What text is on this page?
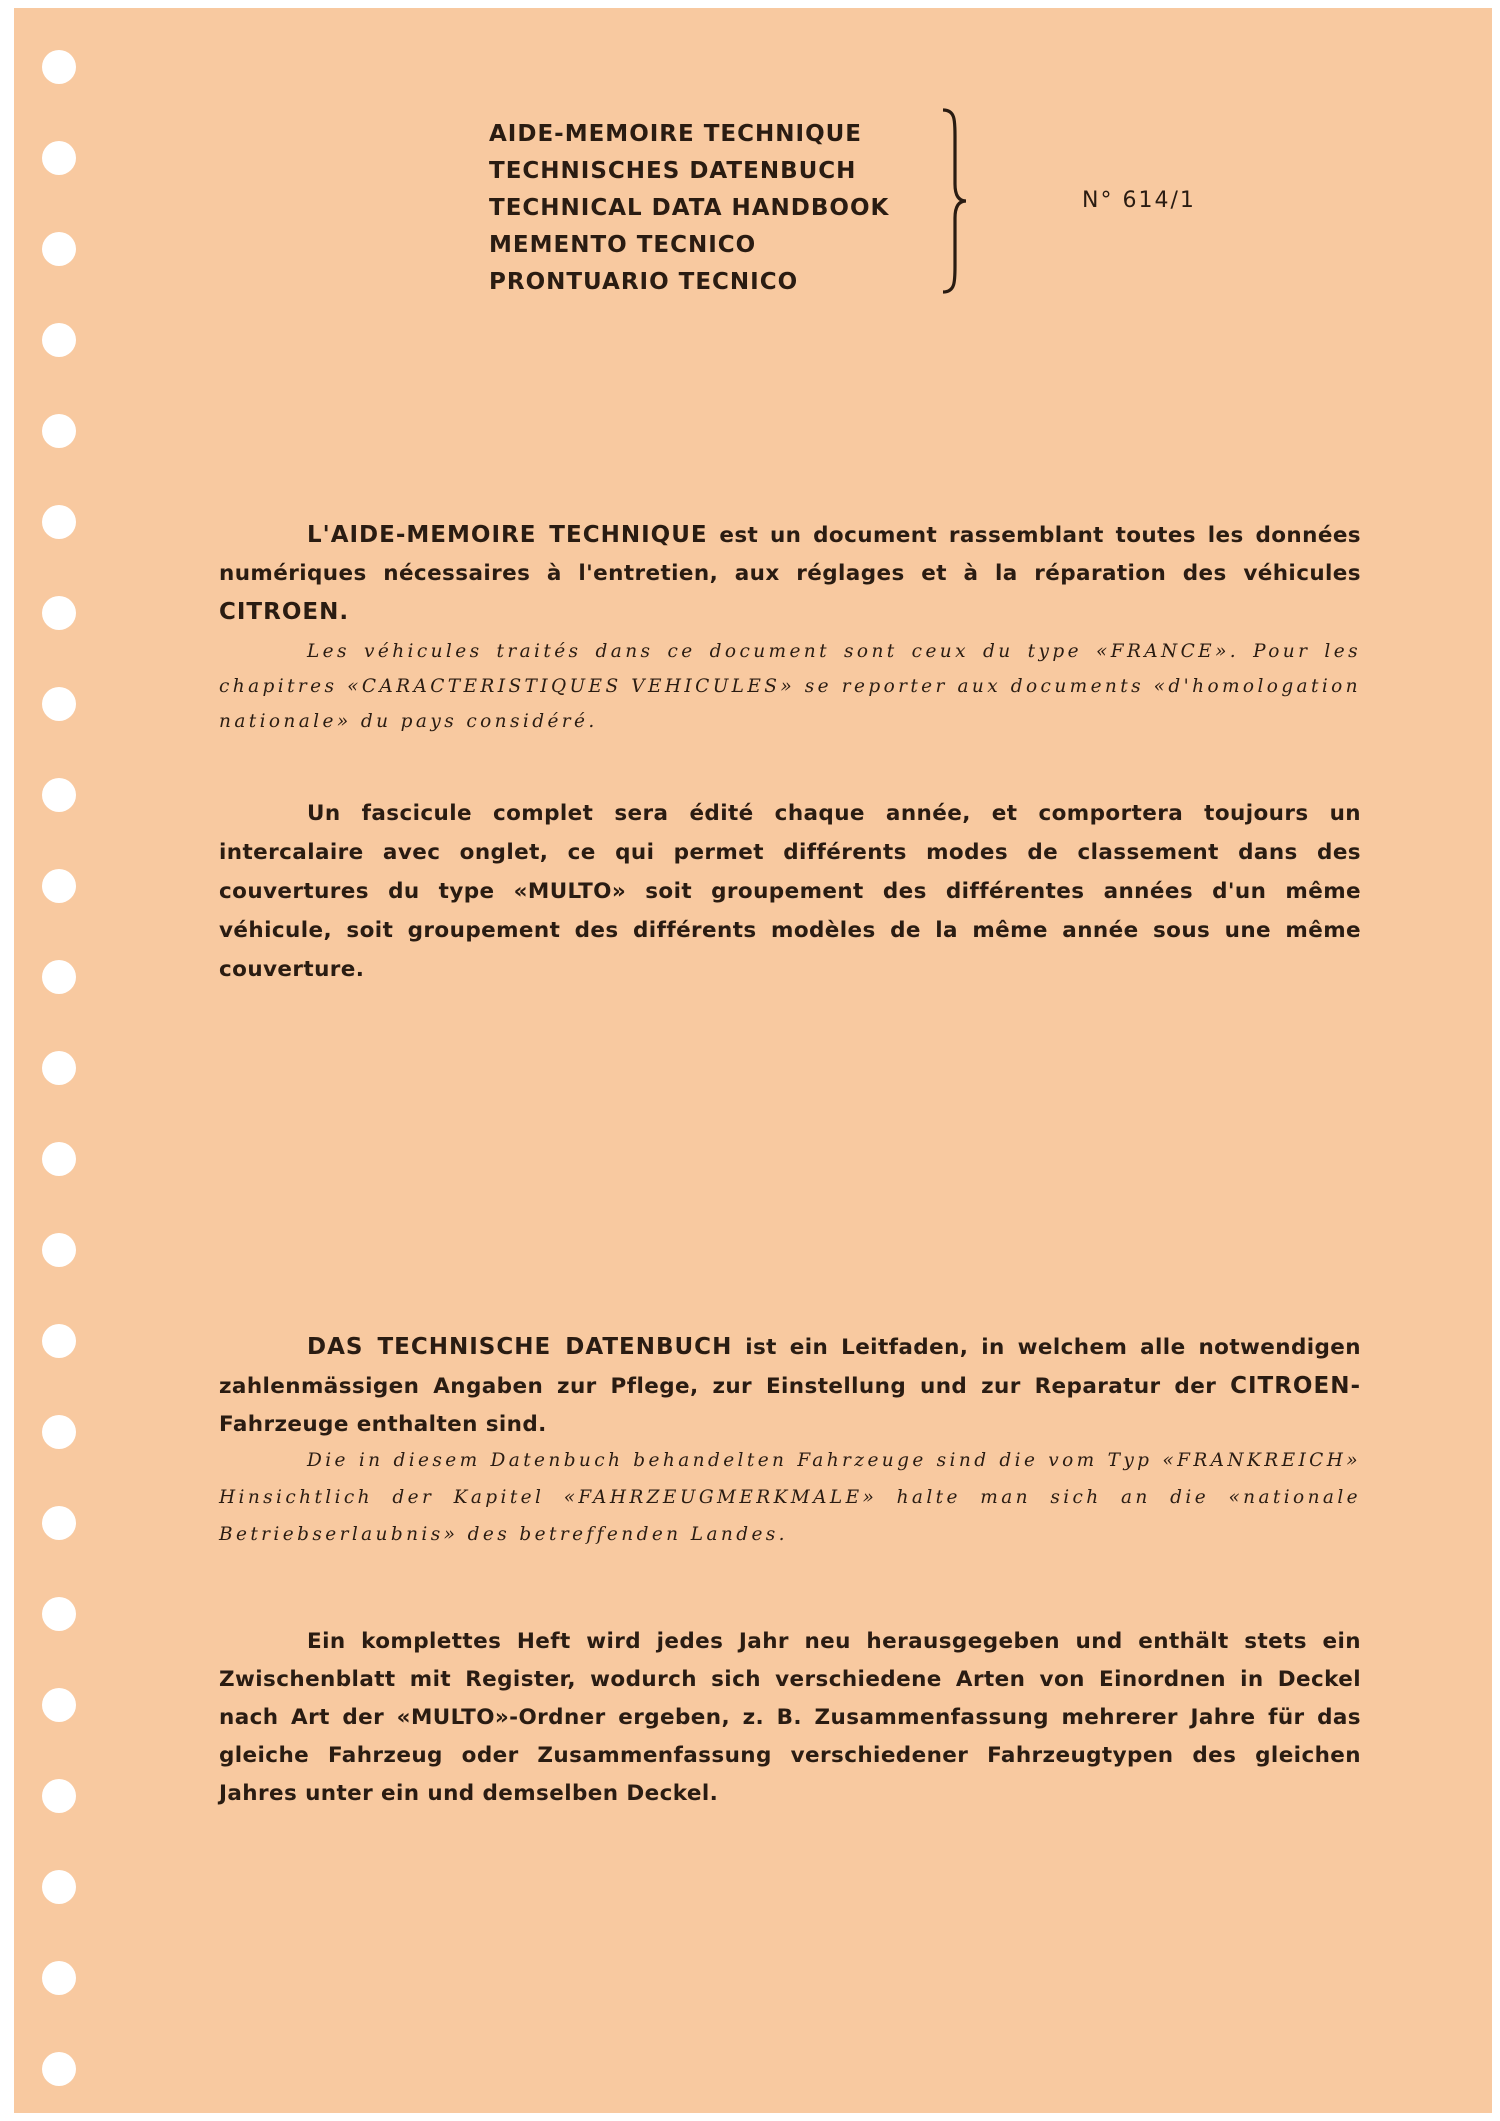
AIDE-MEMOIRE TECHNIQUE
TECHNISCHES DATENBUCH
TECHNICAL DATA HANDBOOK
MEMENTO TECNICO
PRONTUARIO TECNICO
N° 614/1

L'AIDE-MEMOIRE TECHNIQUE est un document rassemblant toutes les données numériques nécessaires à l'entretien, aux réglages et à la réparation des véhicules CITROEN.

Les véhicules traités dans ce document sont ceux du type «FRANCE». Pour les chapitres «CARACTERISTIQUES VEHICULES» se reporter aux documents «d'homologation nationale» du pays considéré.

Un fascicule complet sera édité chaque année, et comportera toujours un intercalaire avec onglet, ce qui permet différents modes de classement dans des couvertures du type «MULTO» soit groupement des différentes années d'un même véhicule, soit groupement des différents modèles de la même année sous une même couverture.

DAS TECHNISCHE DATENBUCH ist ein Leitfaden, in welchem alle notwendigen zahlenmässigen Angaben zur Pflege, zur Einstellung und zur Reparatur der CITROEN-Fahrzeuge enthalten sind.

Die in diesem Datenbuch behandelten Fahrzeuge sind die vom Typ «FRANKREICH» Hinsichtlich der Kapitel «FAHRZEUGMERKMALE» halte man sich an die «nationale Betriebserlaubnis» des betreffenden Landes.

Ein komplettes Heft wird jedes Jahr neu herausgegeben und enthält stets ein Zwischenblatt mit Register, wodurch sich verschiedene Arten von Einordnen in Deckel nach Art der «MULTO»-Ordner ergeben, z. B. Zusammenfassung mehrerer Jahre für das gleiche Fahrzeug oder Zusammenfassung verschiedener Fahrzeugtypen des gleichen Jahres unter ein und demselben Deckel.
